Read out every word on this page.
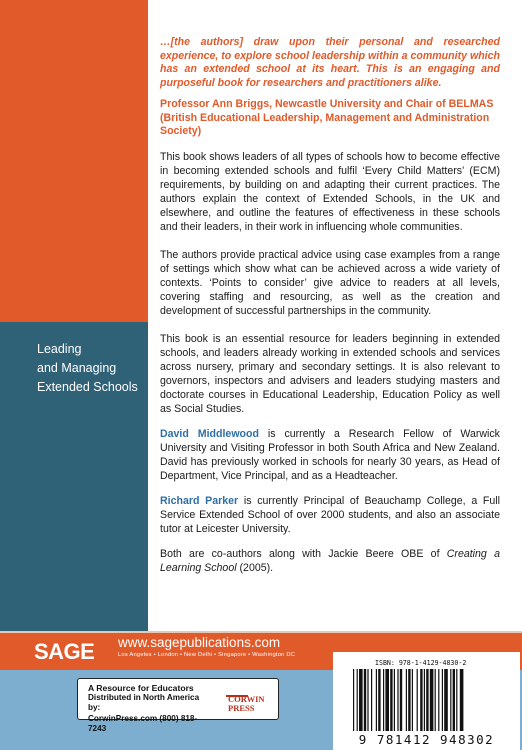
…[the authors] draw upon their personal and researched experience, to explore school leadership within a community which has an extended school at its heart. This is an engaging and purposeful book for researchers and practitioners alike.

Professor Ann Briggs, Newcastle University and Chair of BELMAS (British Educational Leadership, Management and Administration Society)

This book shows leaders of all types of schools how to become effective in becoming extended schools and fulfil ‘Every Child Matters’ (ECM) requirements, by building on and adapting their current practices. The authors explain the context of Extended Schools, in the UK and elsewhere, and outline the features of effectiveness in these schools and their leaders, in their work in influencing whole communities.

The authors provide practical advice using case examples from a range of settings which show what can be achieved across a wide variety of contexts. ‘Points to consider’ give advice to readers at all levels, covering staffing and resourcing, as well as the creation and development of successful partnerships in the community.

Leading
and Managing
Extended Schools

This book is an essential resource for leaders beginning in extended schools, and leaders already working in extended schools and services across nursery, primary and secondary settings. It is also relevant to governors, inspectors and advisers and leaders studying masters and doctorate courses in Educational Leadership, Education Policy as well as Social Studies.

David Middlewood is currently a Research Fellow of Warwick University and Visiting Professor in both South Africa and New Zealand. David has previously worked in schools for nearly 30 years, as Head of Department, Vice Principal, and as a Headteacher.

Richard Parker is currently Principal of Beauchamp College, a Full Service Extended School of over 2000 students, and also an associate tutor at Leicester University.

Both are co-authors along with Jackie Beere OBE of Creating a Learning School (2005).

SAGE www.sagepublications.com
Los Angeles • London • New Delhi • Singapore • Washington DC
A Resource for Educators
Distributed in North America by:
CorwinPress.com (800) 818-7243
CORWIN
PRESS
ISBN: 978-1-4129-4830-2
9 781412 948302
